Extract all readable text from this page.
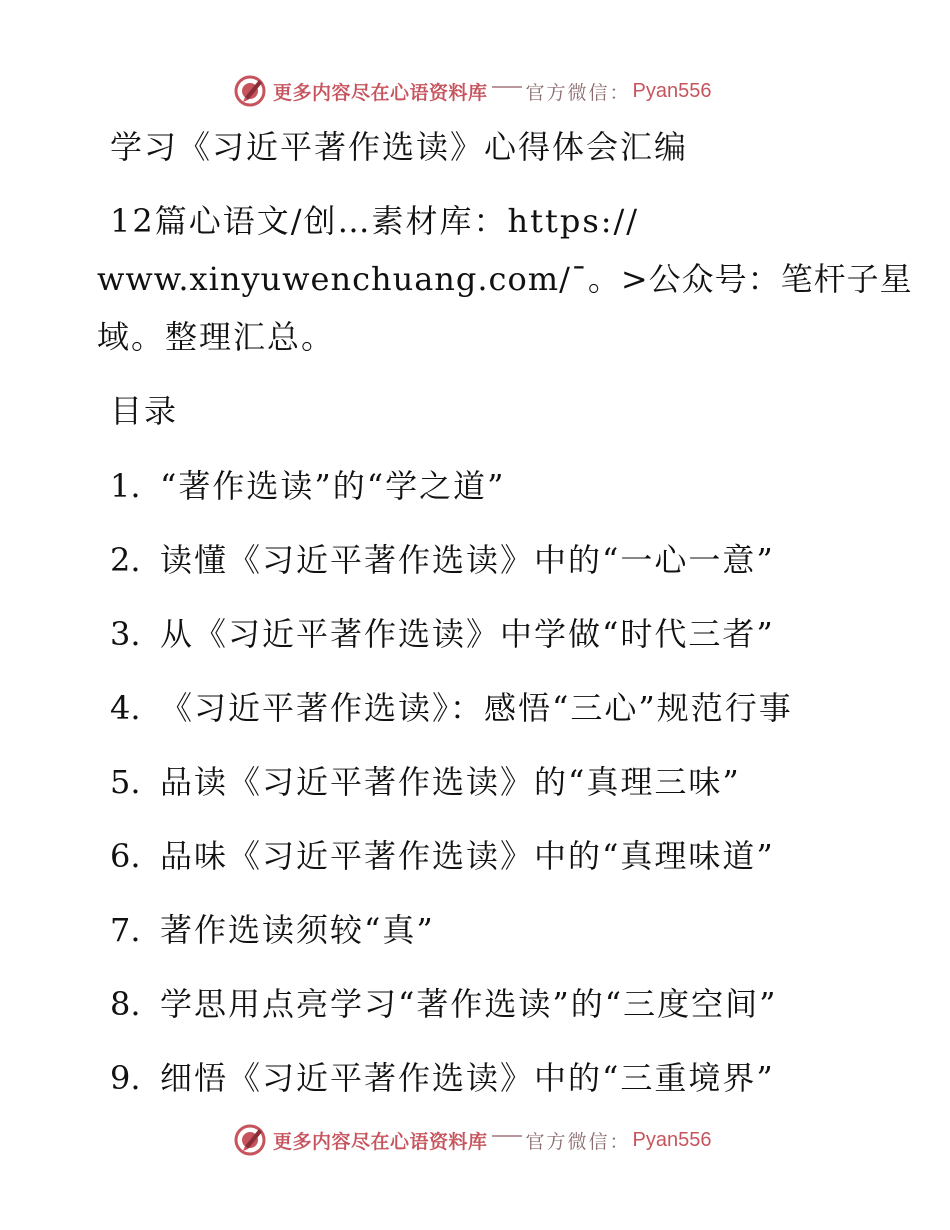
更多内容尽在心语资料库 官方微信： Pyan556
学习《习近平著作选读》心得体会汇编
12篇心语文/创…素材库：https://
www.xinyuwenchuang.com/¯。>公众号：笔杆子星
域。整理汇总。
目录
1. “著作选读”的“学之道”
2. 读懂《习近平著作选读》中的“一心一意”
3. 从《习近平著作选读》中学做“时代三者”
4. 《习近平著作选读》：感悟“三心”规范行事
5. 品读《习近平著作选读》的“真理三味”
6. 品味《习近平著作选读》中的“真理味道”
7. 著作选读须较“真”
8. 学思用点亮学习“著作选读”的“三度空间”
9. 细悟《习近平著作选读》中的“三重境界”
更多内容尽在心语资料库 官方微信： Pyan556
